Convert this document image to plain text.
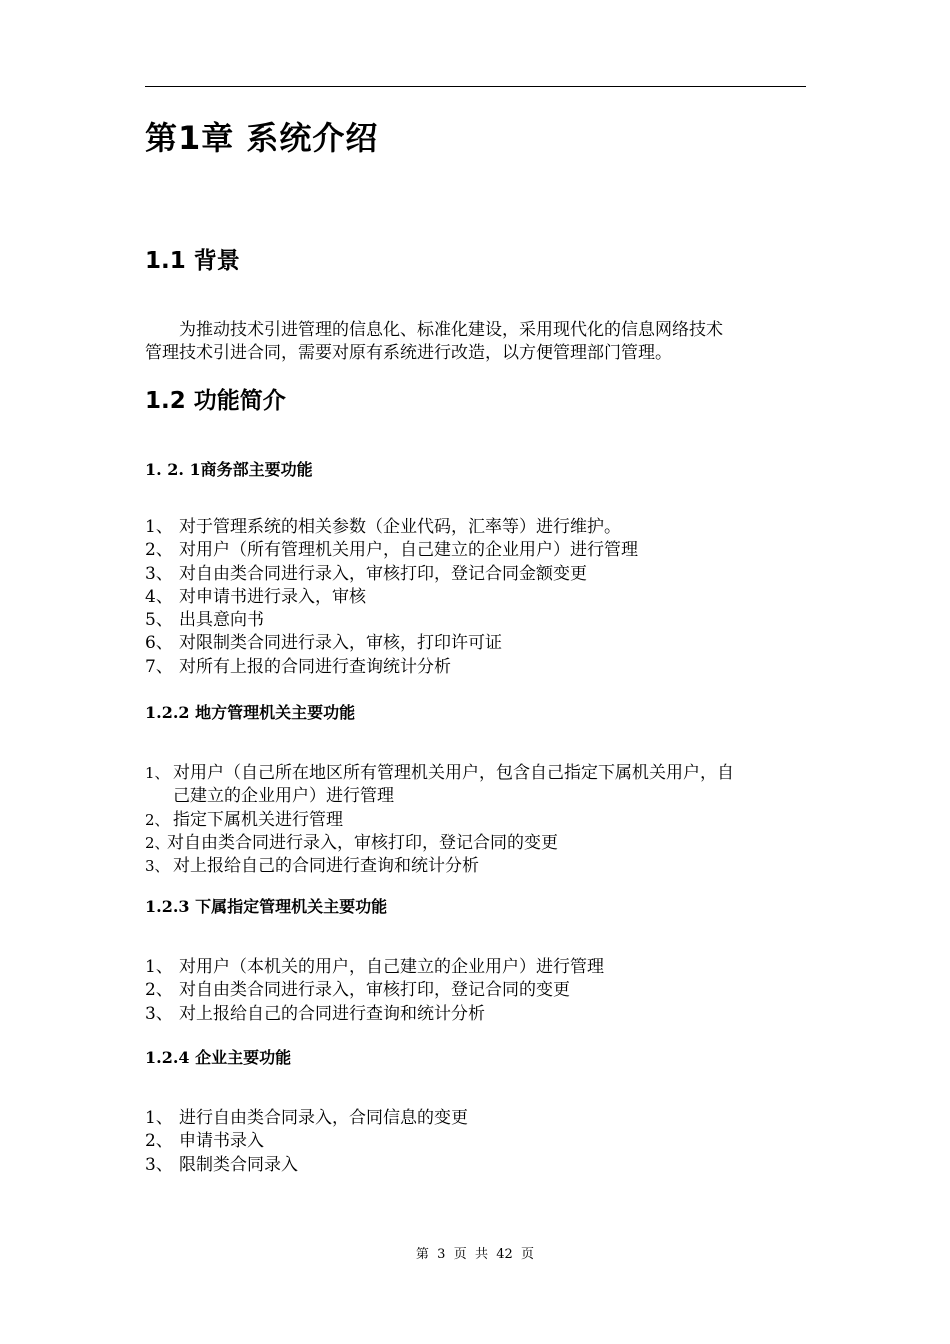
第1章 系统介绍
1.1 背景
为推动技术引进管理的信息化、标准化建设，采用现代化的信息网络技术
管理技术引进合同，需要对原有系统进行改造，以方便管理部门管理。
1.2 功能简介
1. 2. 1商务部主要功能
1、 对于管理系统的相关参数（企业代码，汇率等）进行维护。
2、 对用户（所有管理机关用户，自己建立的企业用户）进行管理
3、 对自由类合同进行录入，审核打印，登记合同金额变更
4、 对申请书进行录入，审核
5、 出具意向书
6、 对限制类合同进行录入，审核，打印许可证
7、 对所有上报的合同进行查询统计分析
1.2.2 地方管理机关主要功能
1、 对用户（自己所在地区所有管理机关用户，包含自己指定下属机关用户，自
己建立的企业用户）进行管理
2、 指定下属机关进行管理
2、对自由类合同进行录入，审核打印，登记合同的变更
3、 对上报给自己的合同进行查询和统计分析
1.2.3 下属指定管理机关主要功能
1、 对用户（本机关的用户，自己建立的企业用户）进行管理
2、 对自由类合同进行录入，审核打印，登记合同的变更
3、 对上报给自己的合同进行查询和统计分析
1.2.4 企业主要功能
1、 进行自由类合同录入，合同信息的变更
2、 申请书录入
3、 限制类合同录入
第  3  页  共  42  页
